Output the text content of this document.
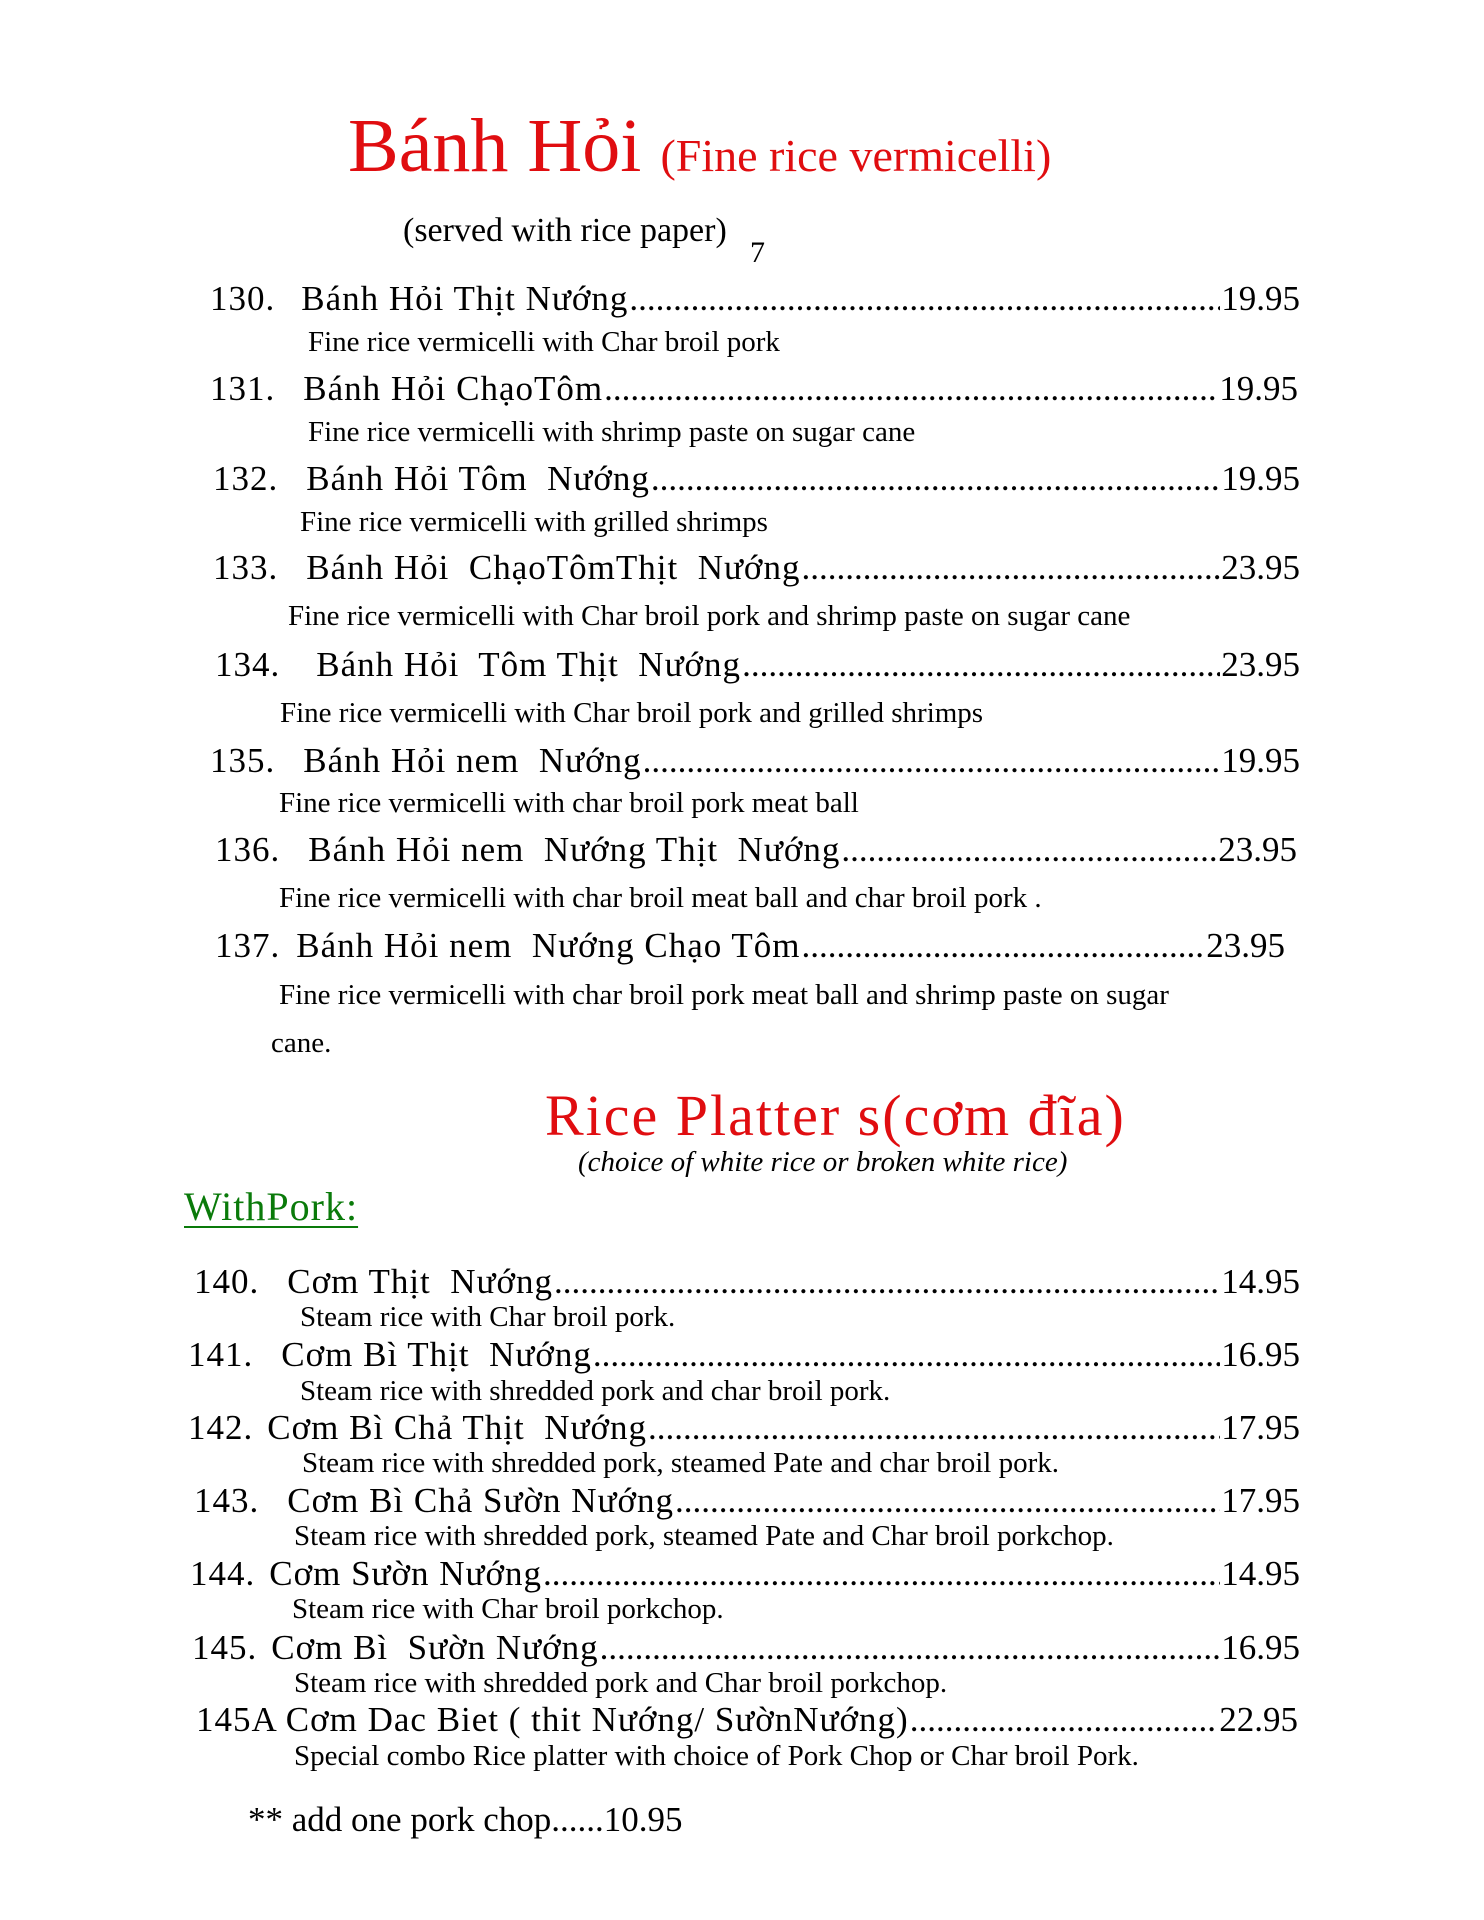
Bánh Hỏi (Fine rice vermicelli)
(served with rice paper)
7
130. Bánh Hỏi Thịt Nướng .....	19.95
Fine rice vermicelli with Char broil pork
131. Bánh Hỏi ChạoTôm .....	19.95
Fine rice vermicelli with shrimp paste on sugar cane
132. Bánh Hỏi Tôm  Nướng .....	19.95
Fine rice vermicelli with grilled shrimps
133. Bánh Hỏi  ChạoTômThịt  Nướng .....	23.95
Fine rice vermicelli with Char broil pork and shrimp paste on sugar cane
134. Bánh Hỏi  Tôm Thịt  Nướng .....	23.95
Fine rice vermicelli with Char broil pork and grilled shrimps
135. Bánh Hỏi nem  Nướng .....	19.95
Fine rice vermicelli with char broil pork meat ball
136. Bánh Hỏi nem  Nướng Thịt  Nướng .....	23.95
Fine rice vermicelli with char broil meat ball and char broil pork .
137. Bánh Hỏi nem  Nướng Chạo Tôm .....	23.95
Fine rice vermicelli with char broil pork meat ball and shrimp paste on sugar
cane.
Rice Platter s(cơm đĩa)
(choice of white rice or broken white rice)
WithPork:
140. Cơm Thịt  Nướng .....	14.95
Steam rice with Char broil pork.
141. Cơm Bì Thịt  Nướng .....	16.95
Steam rice with shredded pork and char broil pork.
142. Cơm Bì Chả Thịt  Nướng .....	17.95
Steam rice with shredded pork, steamed Pate and char broil pork.
143. Cơm Bì Chả Sườn Nướng .....	17.95
Steam rice with shredded pork, steamed Pate and Char broil porkchop.
144. Cơm Sườn Nướng .....	14.95
Steam rice with Char broil porkchop.
145. Cơm Bì  Sườn Nướng .....	16.95
Steam rice with shredded pork and Char broil porkchop.
145A Cơm Dac Biet ( thit Nướng/ SườnNướng) .....	22.95
Special combo Rice platter with choice of Pork Chop or Char broil Pork.
** add one pork chop......10.95
